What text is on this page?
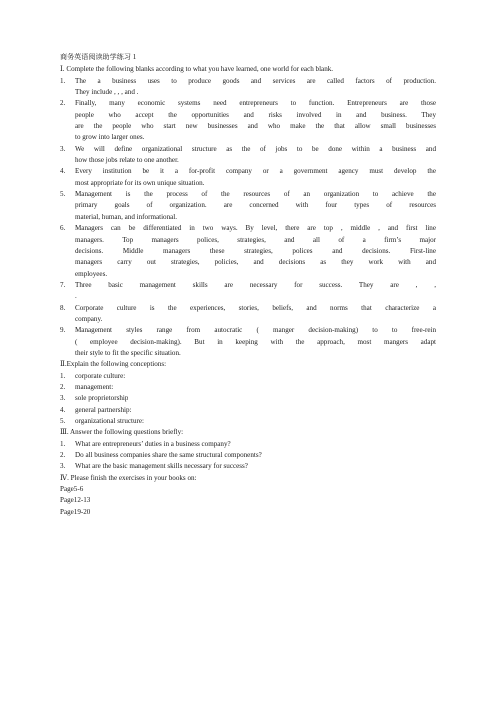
商务英语阅读助学练习 1
Ⅰ. Complete the following blanks according to what you have learned, one world for each blank.
1.	The a business uses to produce goods and services are called factors of production.
They include , , , and .
2.	Finally, many economic systems need entrepreneurs to function. Entrepreneurs are those
people who accept the opportunities and risks involved in and business. They
are the people who start new businesses and who make the that allow small businesses
to grow into larger ones.
3.	We will define organizational structure as the of jobs to be done within a business and
how those jobs relate to one another.
4.	Every institution be it a for-profit company or a government agency must develop the
most appropriate for its own unique situation.
5.	Management is the process of the resources of an organization to achieve the
primary goals of organization. are concerned with four types of resources
material, human, and informational.
6.	Managers can be differentiated in two ways. By level, there are top , middle , and first line
managers. Top managers polices, strategies, and all of a firm’s major
decisions. Middle managers these strategies, polices and decisions. First-line
managers carry out strategies, policies, and decisions as they work with and
employees.
7.	Three basic management skills are necessary for success. They are , ,
.
8.	Corporate culture is the experiences, stories, beliefs, and norms that characterize a
company.
9.	Management styles range from autocratic ( manger decision-making) to to free-rein
( employee decision-making). But in keeping with the approach, most mangers adapt
their style to fit the specific situation.
Ⅱ.Explain the following conceptions:
1.	corporate culture:
2.	management:
3.	sole proprietorship
4.	general partnership:
5.	organizational structure:
Ⅲ. Answer the following questions briefly:
1.	What are entrepreneurs’ duties in a business company?
2.	Do all business companies share the same structural components?
3.	What are the basic management skills necessary for success?
Ⅳ. Please finish the exercises in your books on:
Page5-6
Page12-13
Page19-20
